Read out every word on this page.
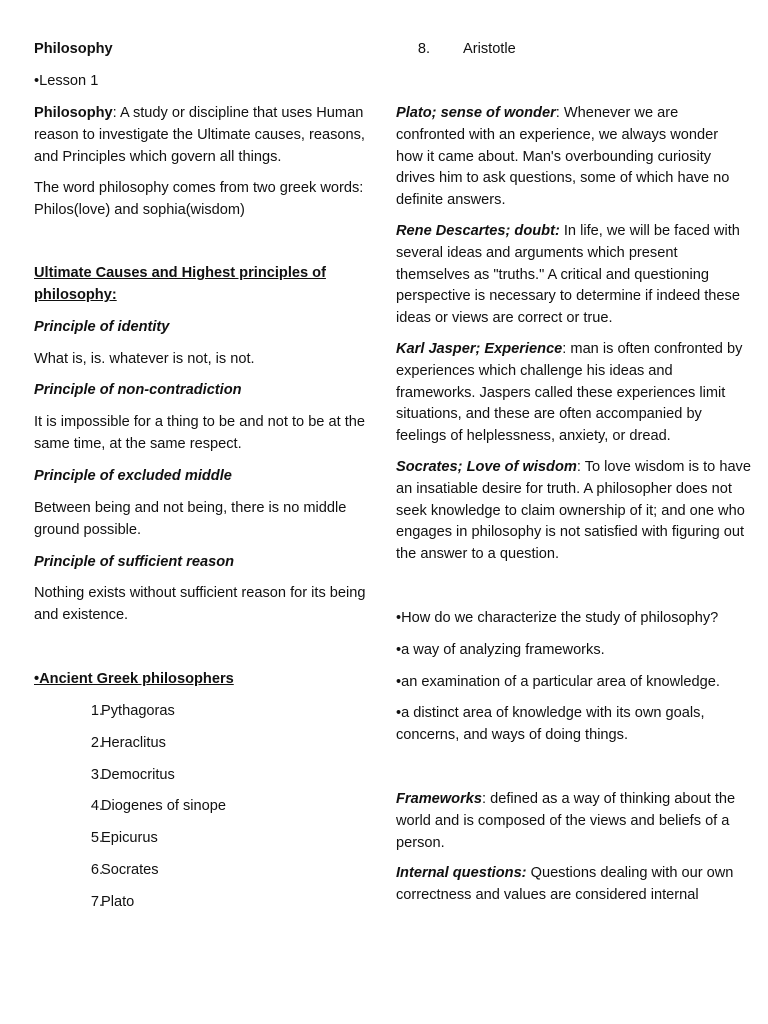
Philosophy

•Lesson 1

Philosophy: A study or discipline that uses Human reason to investigate the Ultimate causes, reasons, and Principles which govern all things.

The word philosophy comes from two greek words: Philos(love) and sophia(wisdom)

Ultimate Causes and Highest principles of philosophy:

Principle of identity

What is, is. whatever is not, is not.

Principle of non-contradiction

It is impossible for a thing to be and not to be at the same time, at the same respect.

Principle of excluded middle

Between being and not being, there is no middle ground possible.

Principle of sufficient reason

Nothing exists without sufficient reason for its being and existence.

•Ancient Greek philosophers

1.
Pythagoras
2.
Heraclitus
3.
Democritus
4.
Diogenes of sinope
5.
Epicurus
6.
Socrates
7.
Plato
8. Aristotle

Plato; sense of wonder: Whenever we are confronted with an experience, we always wonder how it came about. Man's overbounding curiosity drives him to ask questions, some of which have no definite answers.

Rene Descartes; doubt: In life, we will be faced with several ideas and arguments which present themselves as "truths." A critical and questioning perspective is necessary to determine if indeed these ideas or views are correct or true.

Karl Jasper; Experience: man is often confronted by experiences which challenge his ideas and frameworks. Jaspers called these experiences limit situations, and these are often accompanied by feelings of helplessness, anxiety, or dread.

Socrates; Love of wisdom: To love wisdom is to have an insatiable desire for truth. A philosopher does not seek knowledge to claim ownership of it; and one who engages in philosophy is not satisfied with figuring out the answer to a question.

•How do we characterize the study of philosophy?

•a way of analyzing frameworks.

•an examination of a particular area of knowledge.

•a distinct area of knowledge with its own goals, concerns, and ways of doing things.

Frameworks: defined as a way of thinking about the world and is composed of the views and beliefs of a person.

Internal questions: Questions dealing with our own correctness and values are considered internal
